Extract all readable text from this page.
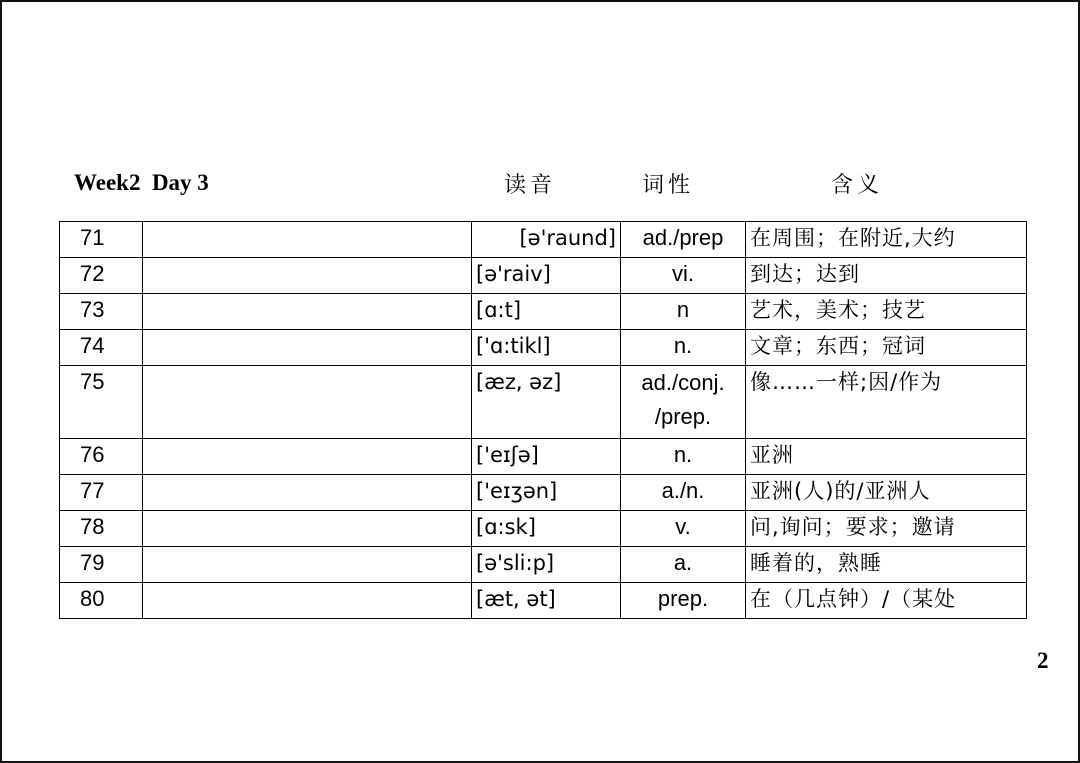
Week2  Day 3	读音	词性	含义
71		[ə'raund]	ad./prep	在周围；在附近,大约
72		[ə'raiv]	vi.	到达；达到
73		[ɑ:t]	n	艺术，美术；技艺
74		['ɑ:tikl]	n.	文章；东西；冠词
75		[æz, əz]	ad./conj. /prep.	像……一样;因/作为
76		['eɪʃə]	n.	亚洲
77		['eɪʒən]	a./n.	亚洲(人)的/亚洲人
78		[ɑ:sk]	v.	问,询问；要求；邀请
79		[ə'sli:p]	a.	睡着的，熟睡
80		[æt, ət]	prep.	在（几点钟）/（某处
2
